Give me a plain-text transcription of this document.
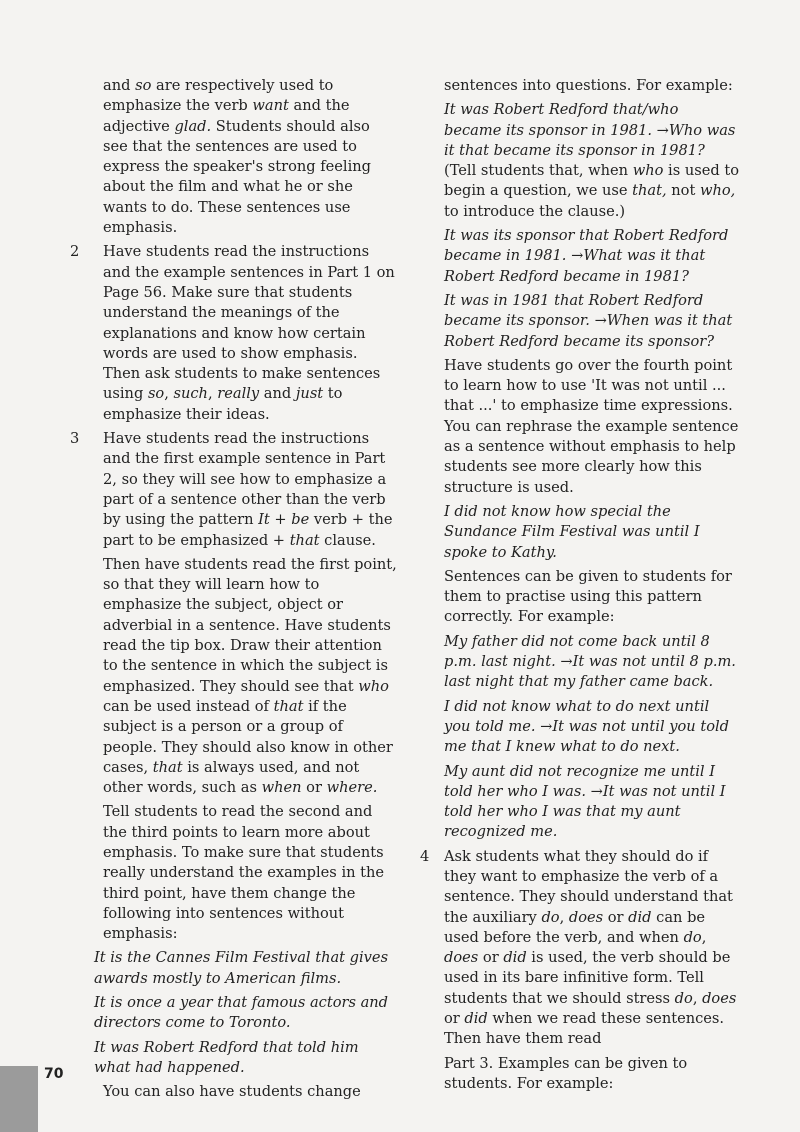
and so are respectively used to emphasize the verb want and the adjective glad. Students should also see that the sentences are used to express the speaker's strong feeling about the film and what he or she wants to do. These sentences use emphasis.

2 Have students read the instructions and the example sentences in Part 1 on Page 56. Make sure that students understand the meanings of the explanations and know how certain words are used to show emphasis. Then ask students to make sentences using so, such, really and just to emphasize their ideas.
3 Have students read the instructions and the first example sentence in Part 2, so they will see how to emphasize a part of a sentence other than the verb by using the pattern It + be verb + the part to be emphasized + that clause.

Then have students read the first point, so that they will learn how to emphasize the subject, object or adverbial in a sentence. Have students read the tip box. Draw their attention to the sentence in which the subject is emphasized. They should see that who can be used instead of that if the subject is a person or a group of people. They should also know in other cases, that is always used, and not other words, such as when or where.

Tell students to read the second and the third points to learn more about emphasis. To make sure that students really understand the examples in the third point, have them change the following into sentences without emphasis:

It is the Cannes Film Festival that gives awards mostly to American films.

It is once a year that famous actors and directors come to Toronto.

It was Robert Redford that told him what had happened.

You can also have students change

sentences into questions. For example:

It was Robert Redford that/who became its sponsor in 1981. →Who was it that became its sponsor in 1981? (Tell students that, when who is used to begin a question, we use that, not who, to introduce the clause.)

It was its sponsor that Robert Redford became in 1981. →What was it that Robert Redford became in 1981?

It was in 1981 that Robert Redford became its sponsor. →When was it that Robert Redford became its sponsor?

Have students go over the fourth point to learn how to use 'It was not until ... that ...' to emphasize time expressions. You can rephrase the example sentence as a sentence without emphasis to help students see more clearly how this structure is used.

I did not know how special the Sundance Film Festival was until I spoke to Kathy.

Sentences can be given to students for them to practise using this pattern correctly. For example:

My father did not come back until 8 p.m. last night. →It was not until 8 p.m. last night that my father came back.

I did not know what to do next until you told me. →It was not until you told me that I knew what to do next.

My aunt did not recognize me until I told her who I was. →It was not until I told her who I was that my aunt recognized me.

4 Ask students what they should do if they want to emphasize the verb of a sentence. They should understand that the auxiliary do, does or did can be used before the verb, and when do, does or did is used, the verb should be used in its bare infinitive form. Tell students that we should stress do, does or did when we read these sentences. Then have them read

Part 3. Examples can be given to students. For example:

70
